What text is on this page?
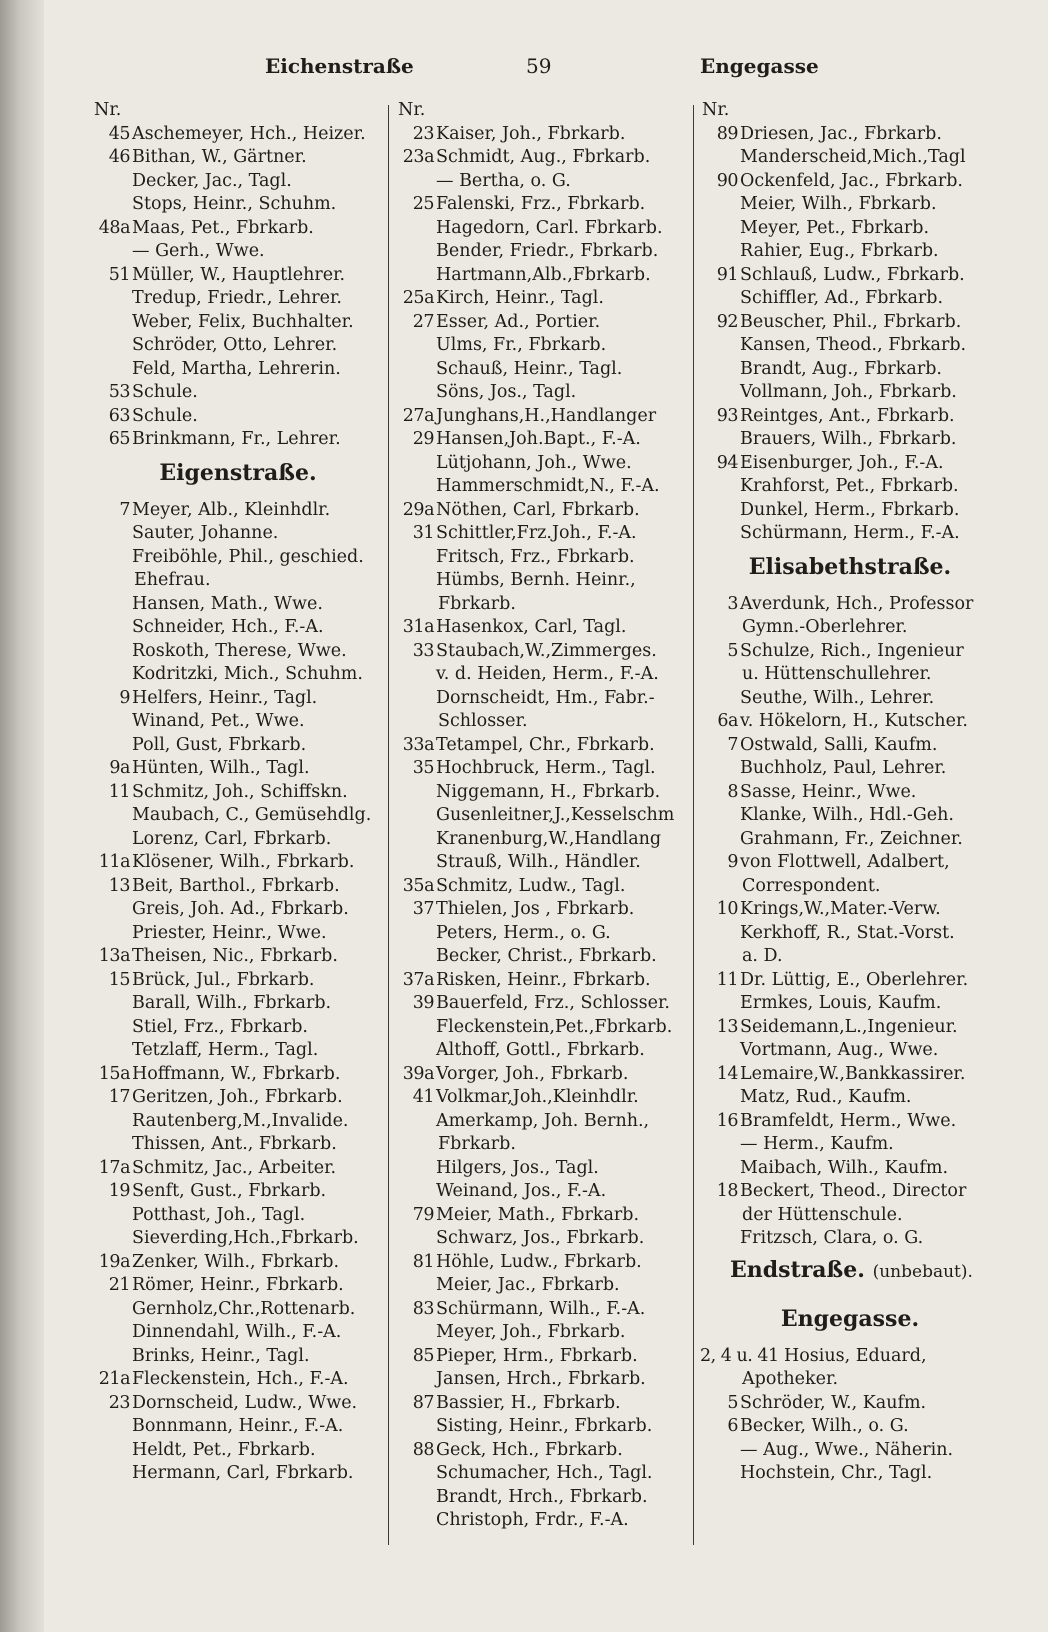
Eichenstraße	59	Engegasse
Nr.
45 Aschemeyer, Hch., Heizer.
46 Bithan, W., Gärtner.
Decker, Jac., Tagl.
Stops, Heinr., Schuhm.
48a Maas, Pet., Fbrkarb.
— Gerh., Wwe.
51 Müller, W., Hauptlehrer.
Tredup, Friedr., Lehrer.
Weber, Felix, Buchhalter.
Schröder, Otto, Lehrer.
Feld, Martha, Lehrerin.
53 Schule.
63 Schule.
65 Brinkmann, Fr., Lehrer.
Eigenstraße.
7 Meyer, Alb., Kleinhdlr.
Sauter, Johanne.
Freiböhle, Phil., geschied.
Ehefrau.
Hansen, Math., Wwe.
Schneider, Hch., F.-A.
Roskoth, Therese, Wwe.
Kodritzki, Mich., Schuhm.
9 Helfers, Heinr., Tagl.
Winand, Pet., Wwe.
Poll, Gust, Fbrkarb.
9a Hünten, Wilh., Tagl.
11 Schmitz, Joh., Schiffskn.
Maubach, C., Gemüsehdlg.
Lorenz, Carl, Fbrkarb.
11a Klösener, Wilh., Fbrkarb.
13 Beit, Barthol., Fbrkarb.
Greis, Joh. Ad., Fbrkarb.
Priester, Heinr., Wwe.
13a Theisen, Nic., Fbrkarb.
15 Brück, Jul., Fbrkarb.
Barall, Wilh., Fbrkarb.
Stiel, Frz., Fbrkarb.
Tetzlaff, Herm., Tagl.
15a Hoffmann, W., Fbrkarb.
17 Geritzen, Joh., Fbrkarb.
Rautenberg,M.,Invalide.
Thissen, Ant., Fbrkarb.
17a Schmitz, Jac., Arbeiter.
19 Senft, Gust., Fbrkarb.
Potthast, Joh., Tagl.
Sieverding,Hch.,Fbrkarb.
19a Zenker, Wilh., Fbrkarb.
21 Römer, Heinr., Fbrkarb.
Gernholz,Chr.,Rottenarb.
Dinnendahl, Wilh., F.-A.
Brinks, Heinr., Tagl.
21a Fleckenstein, Hch., F.-A.
23 Dornscheid, Ludw., Wwe.
Bonnmann, Heinr., F.-A.
Heldt, Pet., Fbrkarb.
Hermann, Carl, Fbrkarb.
Nr.
23 Kaiser, Joh., Fbrkarb.
23a Schmidt, Aug., Fbrkarb.
— Bertha, o. G.
25 Falenski, Frz., Fbrkarb.
Hagedorn, Carl. Fbrkarb.
Bender, Friedr., Fbrkarb.
Hartmann,Alb.,Fbrkarb.
25a Kirch, Heinr., Tagl.
27 Esser, Ad., Portier.
Ulms, Fr., Fbrkarb.
Schauß, Heinr., Tagl.
Söns, Jos., Tagl.
27a Junghans,H.,Handlanger
29 Hansen,Joh.Bapt., F.-A.
Lütjohann, Joh., Wwe.
Hammerschmidt,N., F.-A.
29a Nöthen, Carl, Fbrkarb.
31 Schittler,Frz.Joh., F.-A.
Fritsch, Frz., Fbrkarb.
Hümbs, Bernh. Heinr.,
Fbrkarb.
31a Hasenkox, Carl, Tagl.
33 Staubach,W.,Zimmerges.
v. d. Heiden, Herm., F.-A.
Dornscheidt, Hm., Fabr.-
Schlosser.
33a Tetampel, Chr., Fbrkarb.
35 Hochbruck, Herm., Tagl.
Niggemann, H., Fbrkarb.
Gusenleitner,J.,Kesselschm
Kranenburg,W.,Handlang
Strauß, Wilh., Händler.
35a Schmitz, Ludw., Tagl.
37 Thielen, Jos , Fbrkarb.
Peters, Herm., o. G.
Becker, Christ., Fbrkarb.
37a Risken, Heinr., Fbrkarb.
39 Bauerfeld, Frz., Schlosser.
Fleckenstein,Pet.,Fbrkarb.
Althoff, Gottl., Fbrkarb.
39a Vorger, Joh., Fbrkarb.
41 Volkmar,Joh.,Kleinhdlr.
Amerkamp, Joh. Bernh.,
Fbrkarb.
Hilgers, Jos., Tagl.
Weinand, Jos., F.-A.
79 Meier, Math., Fbrkarb.
Schwarz, Jos., Fbrkarb.
81 Höhle, Ludw., Fbrkarb.
Meier, Jac., Fbrkarb.
83 Schürmann, Wilh., F.-A.
Meyer, Joh., Fbrkarb.
85 Pieper, Hrm., Fbrkarb.
Jansen, Hrch., Fbrkarb.
87 Bassier, H., Fbrkarb.
Sisting, Heinr., Fbrkarb.
88 Geck, Hch., Fbrkarb.
Schumacher, Hch., Tagl.
Brandt, Hrch., Fbrkarb.
Christoph, Frdr., F.-A.
Nr.
89 Driesen, Jac., Fbrkarb.
Manderscheid,Mich.,Tagl
90 Ockenfeld, Jac., Fbrkarb.
Meier, Wilh., Fbrkarb.
Meyer, Pet., Fbrkarb.
Rahier, Eug., Fbrkarb.
91 Schlauß, Ludw., Fbrkarb.
Schiffler, Ad., Fbrkarb.
92 Beuscher, Phil., Fbrkarb.
Kansen, Theod., Fbrkarb.
Brandt, Aug., Fbrkarb.
Vollmann, Joh., Fbrkarb.
93 Reintges, Ant., Fbrkarb.
Brauers, Wilh., Fbrkarb.
94 Eisenburger, Joh., F.-A.
Krahforst, Pet., Fbrkarb.
Dunkel, Herm., Fbrkarb.
Schürmann, Herm., F.-A.
Elisabethstraße.
3 Averdunk, Hch., Professor
Gymn.-Oberlehrer.
5 Schulze, Rich., Ingenieur
u. Hüttenschullehrer.
Seuthe, Wilh., Lehrer.
6a v. Hökelorn, H., Kutscher.
7 Ostwald, Salli, Kaufm.
Buchholz, Paul, Lehrer.
8 Sasse, Heinr., Wwe.
Klanke, Wilh., Hdl.-Geh.
Grahmann, Fr., Zeichner.
9 von Flottwell, Adalbert,
Correspondent.
10 Krings,W.,Mater.-Verw.
Kerkhoff, R., Stat.-Vorst.
a. D.
11 Dr. Lüttig, E., Oberlehrer.
Ermkes, Louis, Kaufm.
13 Seidemann,L.,Ingenieur.
Vortmann, Aug., Wwe.
14 Lemaire,W.,Bankkassirer.
Matz, Rud., Kaufm.
16 Bramfeldt, Herm., Wwe.
— Herm., Kaufm.
Maibach, Wilh., Kaufm.
18 Beckert, Theod., Director
der Hüttenschule.
Fritzsch, Clara, o. G.
Endstraße. (unbebaut).
Engegasse.
2, 4 u. 41 Hosius, Eduard,
Apotheker.
5 Schröder, W., Kaufm.
6 Becker, Wilh., o. G.
— Aug., Wwe., Näherin.
Hochstein, Chr., Tagl.
